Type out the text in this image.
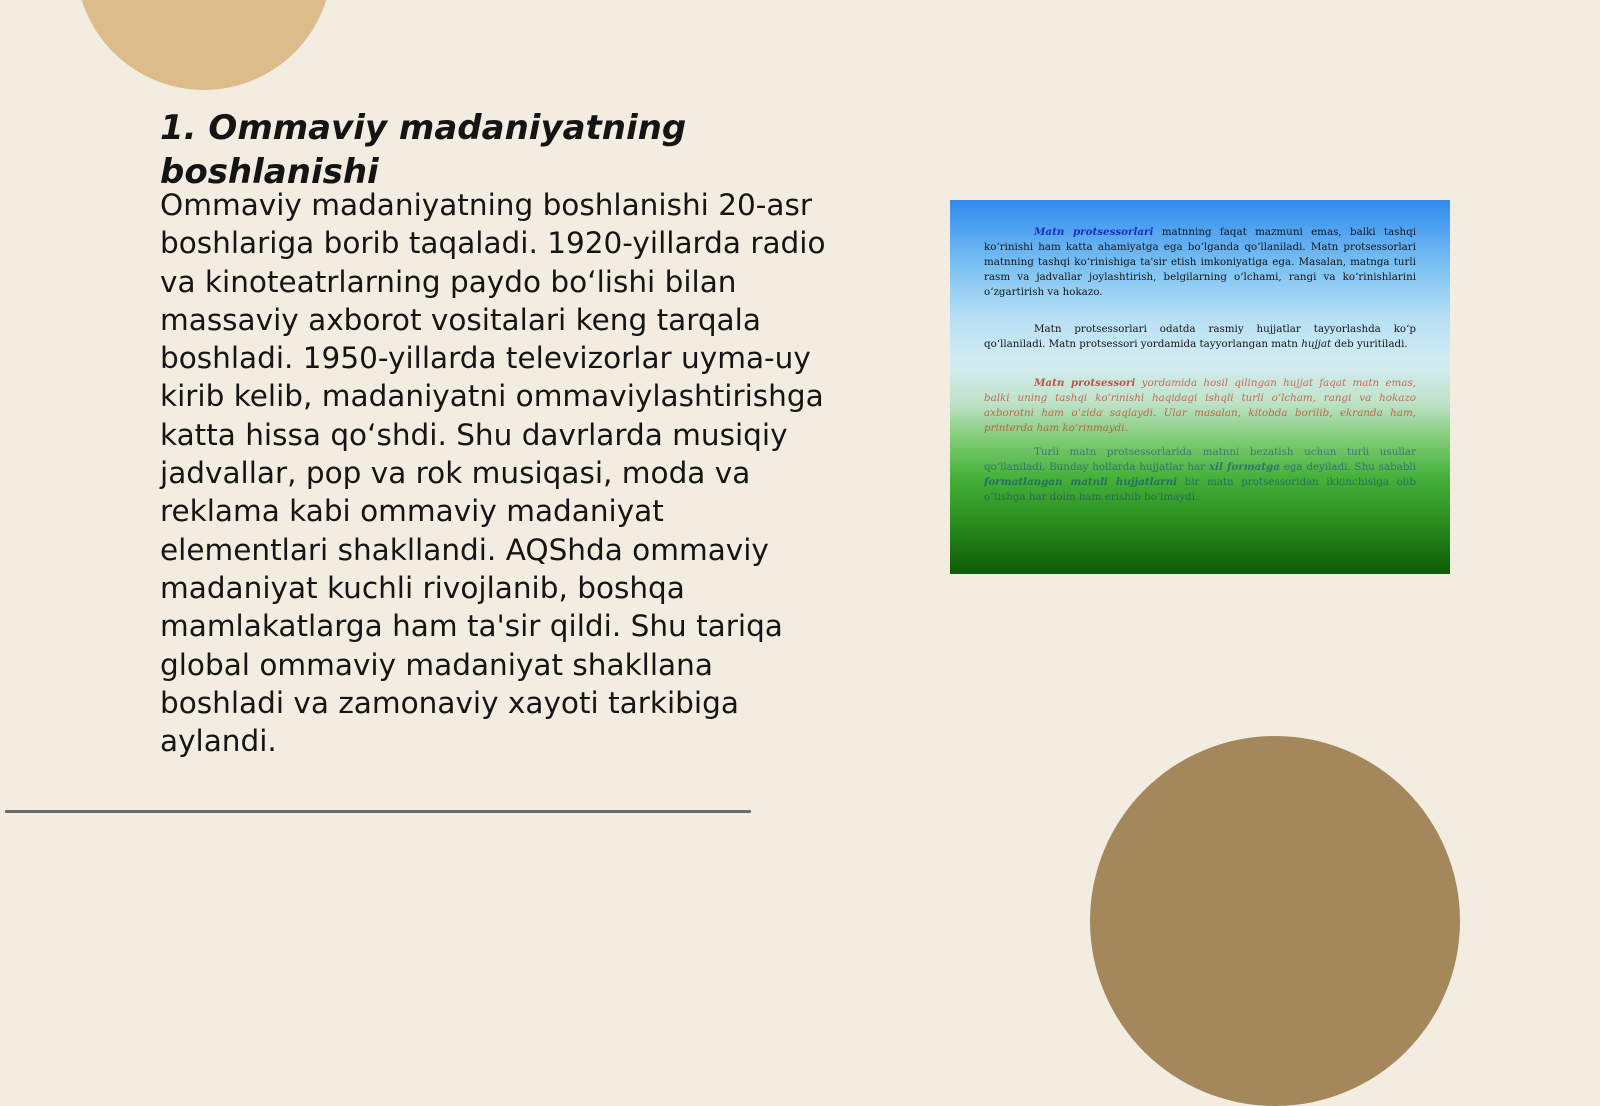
1. Ommaviy madaniyatning boshlanishi

Ommaviy madaniyatning boshlanishi 20-asr boshlariga borib taqaladi. 1920-yillarda radio va kinoteatrlarning paydo bo‘lishi bilan massaviy axborot vositalari keng tarqala boshladi. 1950-yillarda televizorlar uyma-uy kirib kelib, madaniyatni ommaviylashtirishga katta hissa qo‘shdi. Shu davrlarda musiqiy jadvallar, pop va rok musiqasi, moda va reklama kabi ommaviy madaniyat elementlari shakllandi. AQShda ommaviy madaniyat kuchli rivojlanib, boshqa mamlakatlarga ham ta'sir qildi. Shu tariqa global ommaviy madaniyat shakllana boshladi va zamonaviy xayoti tarkibiga aylandi.

Matn protsessorlari matnning faqat mazmuni emas, balki tashqi ko‘rinishi ham katta ahamiyatga ega bo‘lganda qo‘llaniladi. Matn protsessorlari matnning tashqi ko‘rinishiga ta'sir etish imkoniyatiga ega. Masalan, matnga turli rasm va jadvallar joylashtirish, belgilarning o‘lchami, rangi va ko‘rinishlarini o‘zgartirish va hokazo.

Matn protsessorlari odatda rasmiy hujjatlar tayyorlashda ko‘p qo‘llaniladi. Matn protsessori yordamida tayyorlangan matn hujjat deb yuritiladi.

Matn protsessori yordamida hosil qilingan hujjat faqat matn emas, balki uning tashqi ko‘rinishi haqidagi ishqli turli o‘lcham, rangi va hokazo axborotni ham o‘zida saqlaydi. Ular masalan, kitobda borilib, ekranda ham, printerda ham ko‘rinmaydi.

Turli matn protsessorlarida matnni bezatish uchun turli usullar qo‘llaniladi. Bunday hollarda hujjatlar har xil formatga ega deyiladi. Shu sababli formatlangan matnli hujjatlarni bir matn protsessoridan ikkinchisiga olib o‘tishga har doim ham erishib bo‘lmaydi.
